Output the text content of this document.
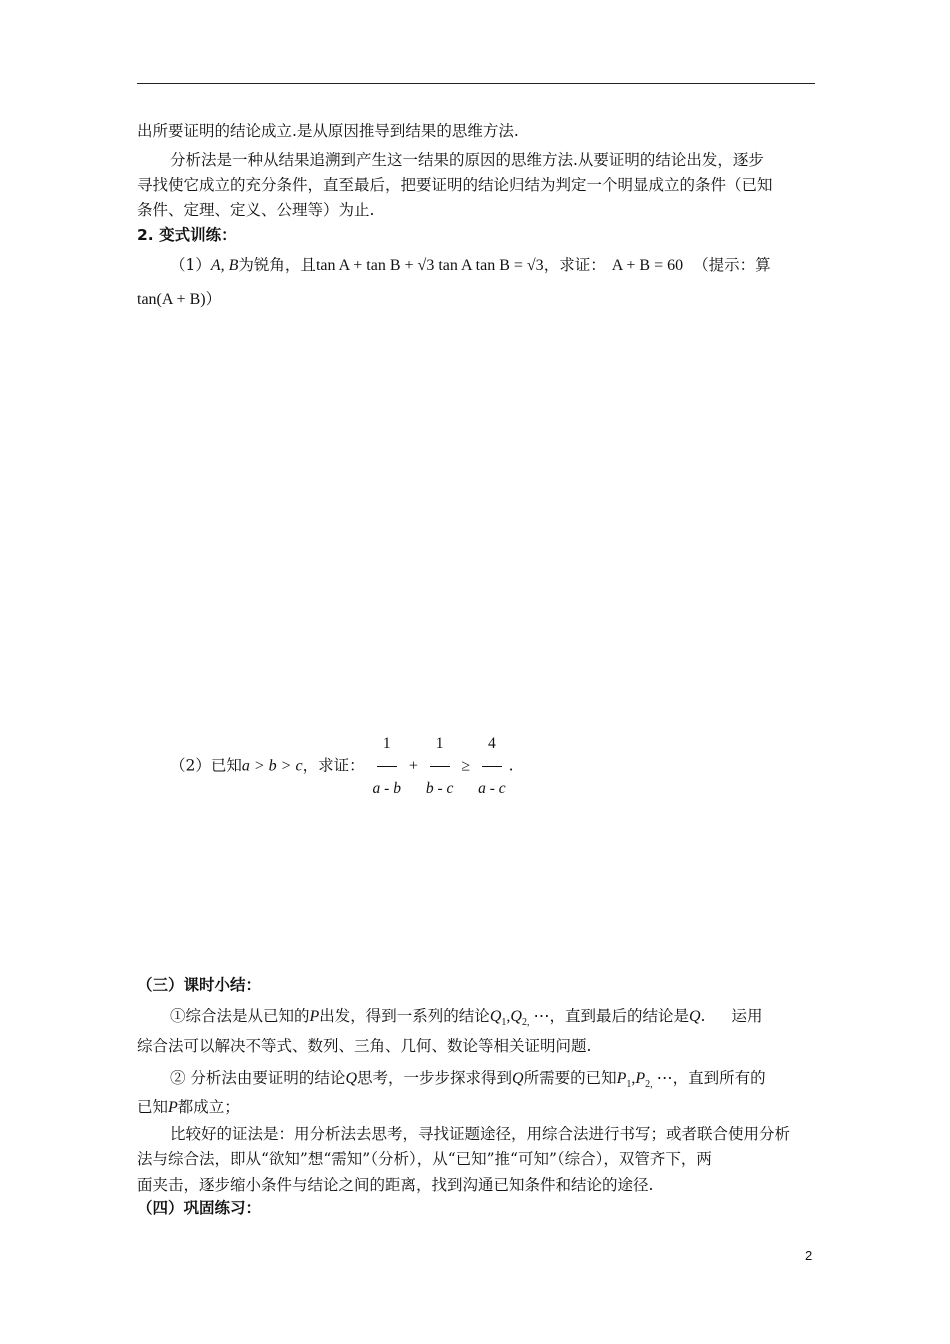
出所要证明的结论成立.是从原因推导到结果的思维方法.
分析法是一种从结果追溯到产生这一结果的原因的思维方法.从要证明的结论出发，逐步
寻找使它成立的充分条件，直至最后，把要证明的结论归结为判定一个明显成立的条件（已知
条件、定理、定义、公理等）为止.
2. 变式训练：
（1）A, B为锐角，且tan A + tan B + √3 tan A tan B = √3，求证： A + B = 60 （提示：算
tan(A + B)）
（2）已知a > b > c，求证： $\frac{1}{a - b} + \frac{1}{b - c} \ge \frac{4}{a - c}$ .
（三）课时小结：
①综合法是从已知的P出发，得到一系列的结论$Q_1,Q_{2,}$ ⋯，直到最后的结论是Q. 运用
综合法可以解决不等式、数列、三角、几何、数论等相关证明问题.
② 分析法由要证明的结论Q思考，一步步探求得到Q所需要的已知$P_1,P_{2,}$ ⋯，直到所有的
已知P都成立；
比较好的证法是：用分析法去思考，寻找证题途径，用综合法进行书写；或者联合使用分析
法与综合法，即从“欲知”想“需知”（分析），从“已知”推“可知”（综合），双管齐下，两
面夹击，逐步缩小条件与结论之间的距离，找到沟通已知条件和结论的途径.
（四）巩固练习：
2
